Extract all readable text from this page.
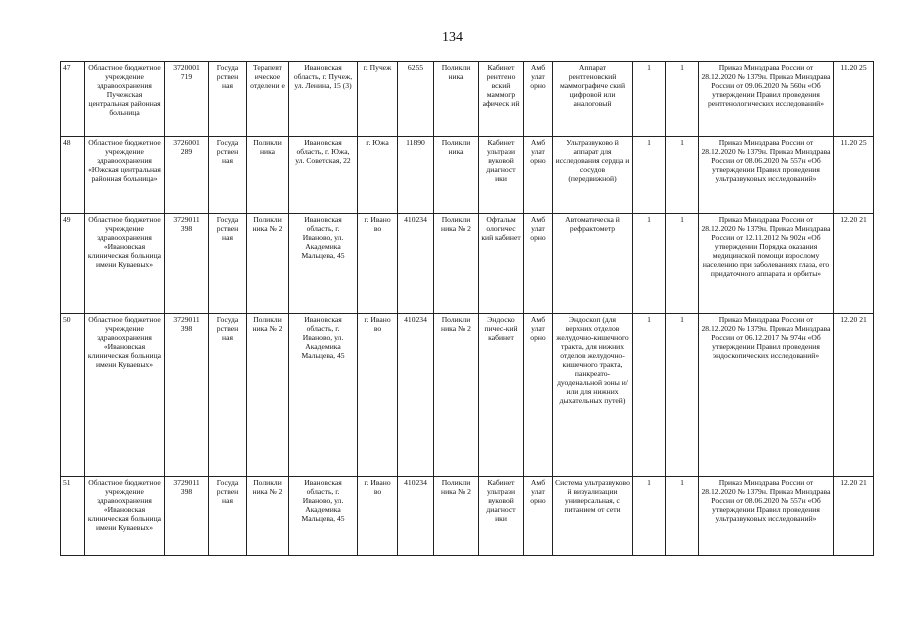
134
47	Областное бюджетное учреждение здравоохранения Пучежская центральная районная больница	3720001 719	Госуда рствен ная	Терапевт ическое отделени е	Ивановская область, г. Пучеж, ул. Ленина, 15 (3)	г. Пучеж	6255	Поликли ника	Кабинет рентгено вский маммогр афическ ий	Амб улат орно	Аппарат рентгеновский маммографиче ский цифровой или аналоговый	1	1	Приказ Минздрава России от 28.12.2020 № 1379н. Приказ Минздрава России от 09.06.2020 № 560н «Об утверждении Правил проведения рентгенологических исследований»	11.20 25
48	Областное бюджетное учреждение здравоохранения «Южская центральная районная больница»	3726001 289	Госуда рствен ная	Поликли ника	Ивановская область, г. Южа, ул. Советская, 22	г. Южа	11890	Поликли ника	Кабинет ультрази вуковой диагност ики	Амб улат орно	Ультразвуково й аппарат для исследования сердца и сосудов (передвижной)	1	1	Приказ Минздрава России от 28.12.2020 № 1379н. Приказ Минздрава России от 08.06.2020 № 557н «Об утверждении Правил проведения ультразвуковых исследований»	11.20 25
49	Областное бюджетное учреждение здравоохранения «Ивановская клиническая больница имени Куваевых»	3729011 398	Госуда рствен ная	Поликли ника № 2	Ивановская область, г. Иваново, ул. Академика Мальцева, 45	г. Ивано во	410234	Поликли ника № 2	Офтальм ологичес кий кабинет	Амб улат орно	Автоматическа й рефрактометр	1	1	Приказ Минздрава России от 28.12.2020 № 1379н. Приказ Минздрава России от 12.11.2012 № 902н «Об утверждении Порядка оказания медицинской помощи взрослому населению при заболеваниях глаза, его придаточного аппарата и орбиты»	12.20 21
50	Областное бюджетное учреждение здравоохранения «Ивановская клиническая больница имени Куваевых»	3729011 398	Госуда рствен ная	Поликли ника № 2	Ивановская область, г. Иваново, ул. Академика Мальцева, 45	г. Ивано во	410234	Поликли ника № 2	Эндоско пичес-кий кабинет	Амб улат орно	Эндоскоп (для верхних отделов желудочно-кишечного тракта, для нижних отделов желудочно-кишечного тракта, панкреато-дуоденальной зоны и/или для нижних дыхательных путей)	1	1	Приказ Минздрава России от 28.12.2020 № 1379н. Приказ Минздрава России от 06.12.2017 № 974н «Об утверждении Правил проведения эндоскопических исследований»	12.20 21
51	Областное бюджетное учреждение здравоохранения «Ивановская клиническая больница имени Куваевых»	3729011 398	Госуда рствен ная	Поликли ника № 2	Ивановская область, г. Иваново, ул. Академика Мальцева, 45	г. Ивано во	410234	Поликли ника № 2	Кабинет ультрази вуковой диагност ики	Амб улат орно	Система ультразвуково й визуализации универсальная, с питанием от сети	1	1	Приказ Минздрава России от 28.12.2020 № 1379н. Приказ Минздрава России от 08.06.2020 № 557н «Об утверждении Правил проведения ультразвуковых исследований»	12.20 21
